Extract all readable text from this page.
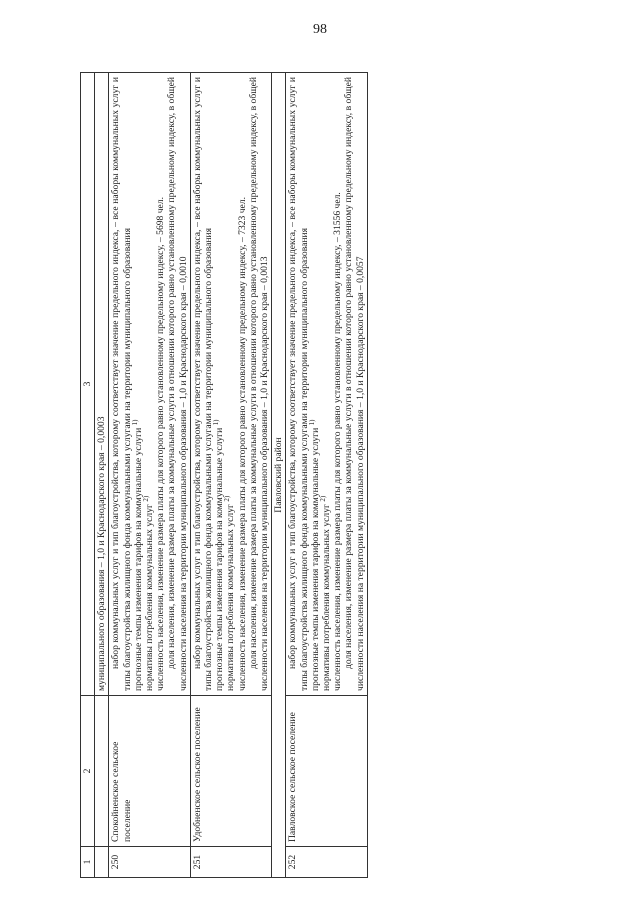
98
1	2	3
		муниципального образования – 1,0 и Краснодарского края – 0,0003
250	Спокойненское сельское поселение	набор коммунальных услуг и тип благоустройства, которому соответствует значение предельного индекса, – все наборы коммунальных услуг и типы благоустройства жилищного фонда коммунальными услугами на территории муниципального образования прогнозные темпы изменения тарифов на коммунальные услуги $^{1)}$
нормативы потребления коммунальных услуг $^{2)}$ численность населения, изменение размера платы для которого равно установленному предельному индексу, – 5698 чел. доля населения, изменение размера платы за коммунальные услуги в отношении которого равно установленному предельному индексу, в общей численности населения на территории муниципального образования – 1,0 и Краснодарского края – 0,0010

251	Удобненское сельское поселение	набор коммунальных услуг и тип благоустройства, которому соответствует значение предельного индекса, – все наборы коммунальных услуг и типы благоустройства жилищного фонда коммунальными услугами на территории муниципального образования прогнозные темпы изменения тарифов на коммунальные услуги $^{1)}$
нормативы потребления коммунальных услуг $^{2)}$ численность населения, изменение размера платы для которого равно установленному предельному индексу, – 7323 чел. доля населения, изменение размера платы за коммунальные услуги в отношении которого равно установленному предельному индексу, в общей численности населения на территории муниципального образования – 1,0 и Краснодарского края – 0,0013

Павловский район		
252	Павловское сельское поселение	набор коммунальных услуг и тип благоустройства, которому соответствует значение предельного индекса, – все наборы коммунальных услуг и типы благоустройства жилищного фонда коммунальными услугами на территории муниципального образования прогнозные темпы изменения тарифов на коммунальные услуги $^{1)}$
нормативы потребления коммунальных услуг $^{2)}$ численность населения, изменение размера платы для которого равно установленному предельному индексу, – 31556 чел. доля населения, изменение размера платы за коммунальные услуги в отношении которого равно установленному предельному индексу, в общей численности населения на территории муниципального образования – 1,0 и Краснодарского края – 0,0057
